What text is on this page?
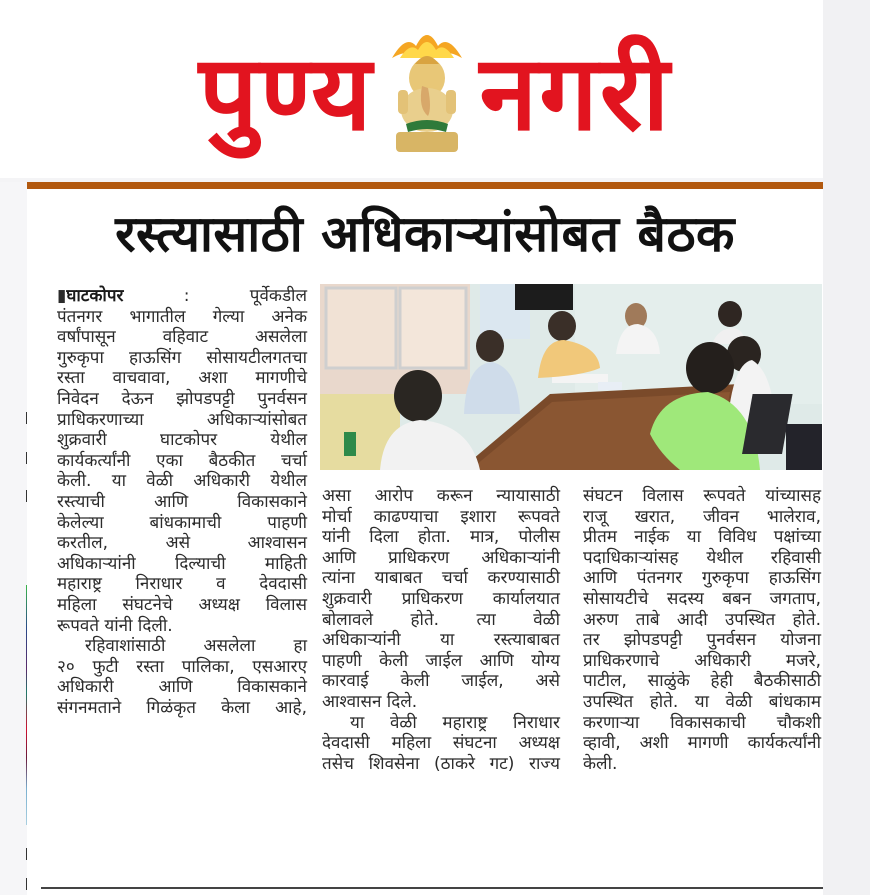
पुण्य नगरी
रस्त्यासाठी अधिकाऱ्यांसोबत बैठक

▮घाटकोपर : पूर्वेकडील

पंतनगर भागातील गेल्या अनेक

वर्षांपासून वहिवाट असलेला

गुरुकृपा हाऊसिंग सोसायटीलगतचा

रस्ता वाचवावा, अशा मागणीचे

निवेदन देऊन झोपडपट्टी पुनर्वसन

प्राधिकरणाच्या अधिकाऱ्यांसोबत

शुक्रवारी घाटकोपर येथील

कार्यकर्त्यांनी एका बैठकीत चर्चा

केली. या वेळी अधिकारी येथील

रस्त्याची आणि विकासकाने

केलेल्या बांधकामाची पाहणी

करतील, असे आश्वासन

अधिकाऱ्यांनी दिल्याची माहिती

महाराष्ट्र निराधार व देवदासी

महिला संघटनेचे अध्यक्ष विलास

रूपवते यांनी दिली.

रहिवाशांसाठी असलेला हा

२० फुटी रस्ता पालिका, एसआरए

अधिकारी आणि विकासकाने

संगनमताने गिळंकृत केला आहे,

असा आरोप करून न्यायासाठी

मोर्चा काढण्याचा इशारा रूपवते

यांनी दिला होता. मात्र, पोलीस

आणि प्राधिकरण अधिकाऱ्यांनी

त्यांना याबाबत चर्चा करण्यासाठी

शुक्रवारी प्राधिकरण कार्यालयात

बोलावले होते. त्या वेळी

अधिकाऱ्यांनी या रस्त्याबाबत

पाहणी केली जाईल आणि योग्य

कारवाई केली जाईल, असे

आश्वासन दिले.

या वेळी महाराष्ट्र निराधार

देवदासी महिला संघटना अध्यक्ष

तसेच शिवसेना (ठाकरे गट) राज्य

संघटन विलास रूपवते यांच्यासह

राजू खरात, जीवन भालेराव,

प्रीतम नाईक या विविध पक्षांच्या

पदाधिकाऱ्यांसह येथील रहिवासी

आणि पंतनगर गुरुकृपा हाऊसिंग

सोसायटीचे सदस्य बबन जगताप,

अरुण ताबे आदी उपस्थित होते.

तर झोपडपट्टी पुनर्वसन योजना

प्राधिकरणाचे अधिकारी मजरे,

पाटील, साळुंके हेही बैठकीसाठी

उपस्थित होते. या वेळी बांधकाम

करणाऱ्या विकासकाची चौकशी

व्हावी, अशी मागणी कार्यकर्त्यांनी

केली.
